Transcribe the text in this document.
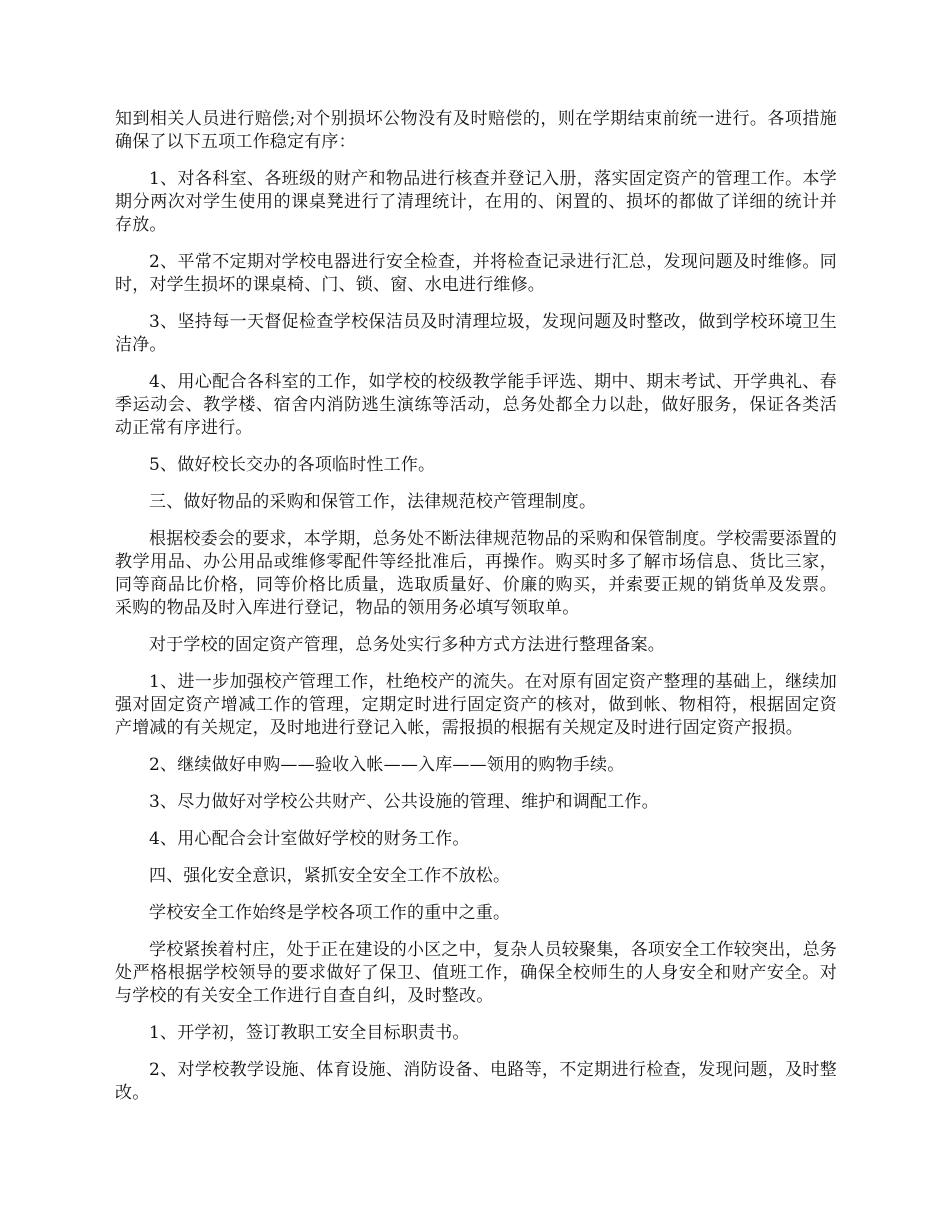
知到相关人员进行赔偿;对个别损坏公物没有及时赔偿的，则在学期结束前统一进行。各项措施确保了以下五项工作稳定有序：

1、对各科室、各班级的财产和物品进行核查并登记入册，落实固定资产的管理工作。本学期分两次对学生使用的课桌凳进行了清理统计，在用的、闲置的、损坏的都做了详细的统计并存放。

2、平常不定期对学校电器进行安全检查，并将检查记录进行汇总，发现问题及时维修。同时，对学生损坏的课桌椅、门、锁、窗、水电进行维修。

3、坚持每一天督促检查学校保洁员及时清理垃圾，发现问题及时整改，做到学校环境卫生洁净。

4、用心配合各科室的工作，如学校的校级教学能手评选、期中、期末考试、开学典礼、春季运动会、教学楼、宿舍内消防逃生演练等活动，总务处都全力以赴，做好服务，保证各类活动正常有序进行。

5、做好校长交办的各项临时性工作。

三、做好物品的采购和保管工作，法律规范校产管理制度。

根据校委会的要求，本学期，总务处不断法律规范物品的采购和保管制度。学校需要添置的教学用品、办公用品或维修零配件等经批准后，再操作。购买时多了解市场信息、货比三家，同等商品比价格，同等价格比质量，选取质量好、价廉的购买，并索要正规的销货单及发票。采购的物品及时入库进行登记，物品的领用务必填写领取单。

对于学校的固定资产管理，总务处实行多种方式方法进行整理备案。

1、进一步加强校产管理工作，杜绝校产的流失。在对原有固定资产整理的基础上，继续加强对固定资产增减工作的管理，定期定时进行固定资产的核对，做到帐、物相符，根据固定资产增减的有关规定，及时地进行登记入帐，需报损的根据有关规定及时进行固定资产报损。

2、继续做好申购——验收入帐——入库——领用的购物手续。

3、尽力做好对学校公共财产、公共设施的管理、维护和调配工作。

4、用心配合会计室做好学校的财务工作。

四、强化安全意识，紧抓安全安全工作不放松。

学校安全工作始终是学校各项工作的重中之重。

学校紧挨着村庄，处于正在建设的小区之中，复杂人员较聚集，各项安全工作较突出，总务处严格根据学校领导的要求做好了保卫、值班工作，确保全校师生的人身安全和财产安全。对与学校的有关安全工作进行自查自纠，及时整改。

1、开学初，签订教职工安全目标职责书。

2、对学校教学设施、体育设施、消防设备、电路等，不定期进行检查，发现问题，及时整改。
